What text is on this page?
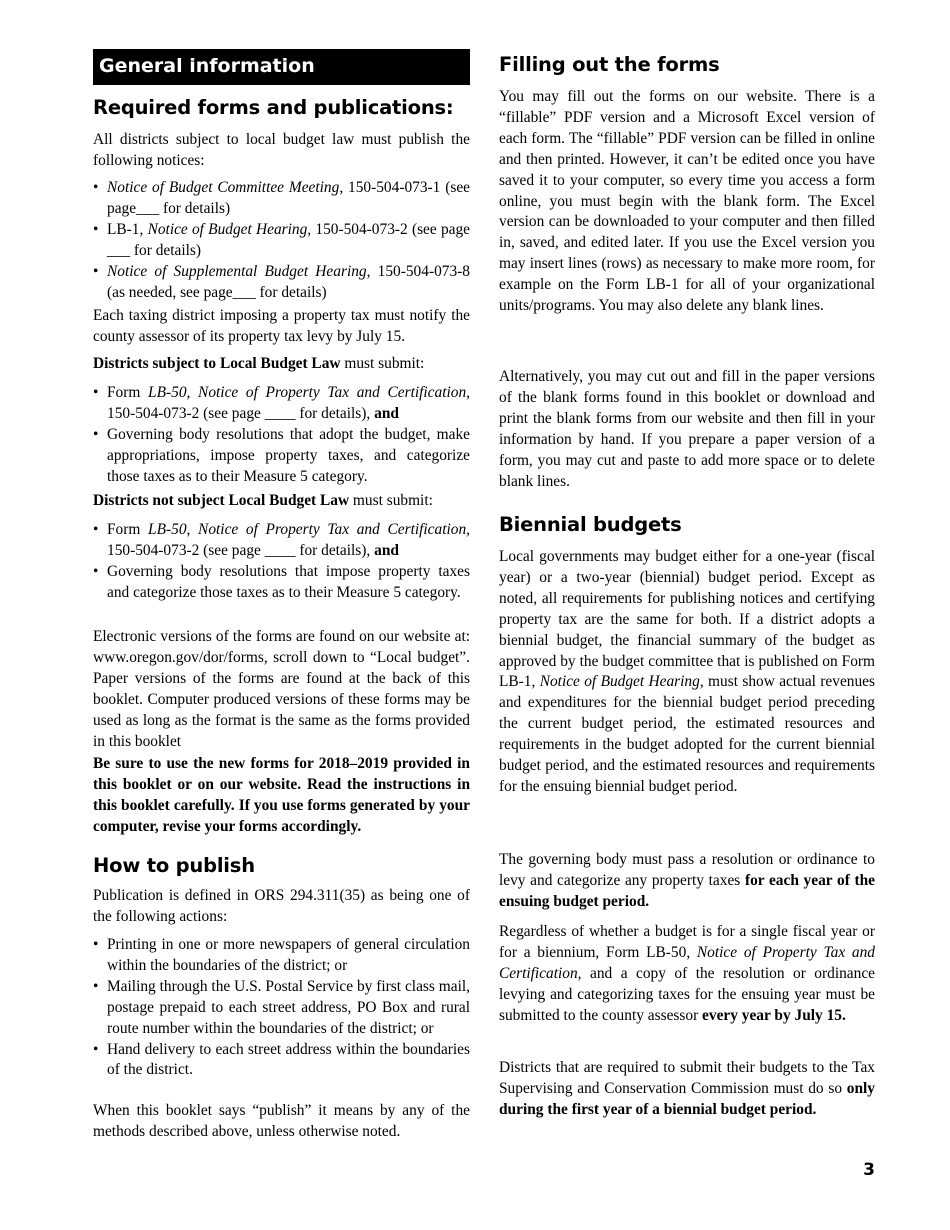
General information
Required forms and publications:

All districts subject to local budget law must publish the following notices:

• Notice of Budget Committee Meeting, 150-504-073-1 (see page___ for details)
• LB-1, Notice of Budget Hearing, 150-504-073-2 (see page ___ for details)
• Notice of Supplemental Budget Hearing, 150-504-073-8 (as needed, see page___ for details)

Each taxing district imposing a property tax must notify the county assessor of its property tax levy by July 15.

Districts subject to Local Budget Law must submit:

• Form LB-50, Notice of Property Tax and Certification, 150-504-073-2 (see page ____ for details), and
• Governing body resolutions that adopt the budget, make appropriations, impose property taxes, and categorize those taxes as to their Measure 5 category.

Districts not subject Local Budget Law must submit:

• Form LB-50, Notice of Property Tax and Certification, 150-504-073-2 (see page ____ for details), and
• Governing body resolutions that impose property taxes and categorize those taxes as to their Measure 5 category.

Electronic versions of the forms are found on our website at: www.oregon.gov/dor/forms, scroll down to “Local budget”. Paper versions of the forms are found at the back of this booklet. Computer produced versions of these forms may be used as long as the format is the same as the forms provided in this booklet

Be sure to use the new forms for 2018–2019 provided in this booklet or on our website. Read the instructions in this booklet carefully. If you use forms generated by your computer, revise your forms accordingly.

How to publish

Publication is defined in ORS 294.311(35) as being one of the following actions:

• Printing in one or more newspapers of general circulation within the boundaries of the district; or
• Mailing through the U.S. Postal Service by first class mail, postage prepaid to each street address, PO Box and rural route number within the boundaries of the district; or
• Hand delivery to each street address within the boundaries of the district.

When this booklet says “publish” it means by any of the methods described above, unless otherwise noted.

Filling out the forms

You may fill out the forms on our website. There is a “fillable” PDF version and a Microsoft Excel version of each form. The “fillable” PDF version can be filled in online and then printed. However, it can’t be edited once you have saved it to your computer, so every time you access a form online, you must begin with the blank form. The Excel version can be downloaded to your computer and then filled in, saved, and edited later. If you use the Excel version you may insert lines (rows) as necessary to make more room, for example on the Form LB-1 for all of your organizational units/programs. You may also delete any blank lines.

Alternatively, you may cut out and fill in the paper versions of the blank forms found in this booklet or download and print the blank forms from our website and then fill in your information by hand. If you prepare a paper version of a form, you may cut and paste to add more space or to delete blank lines.

Biennial budgets

Local governments may budget either for a one-year (fiscal year) or a two-year (biennial) budget period. Except as noted, all requirements for publishing notices and certifying property tax are the same for both. If a district adopts a biennial budget, the financial summary of the budget as approved by the budget committee that is published on Form LB-1, Notice of Budget Hearing, must show actual revenues and expenditures for the biennial budget period preceding the current budget period, the estimated resources and requirements in the budget adopted for the current biennial budget period, and the estimated resources and requirements for the ensuing biennial budget period.

The governing body must pass a resolution or ordinance to levy and categorize any property taxes for each year of the ensuing budget period.

Regardless of whether a budget is for a single fiscal year or for a biennium, Form LB-50, Notice of Property Tax and Certification, and a copy of the resolution or ordinance levying and categorizing taxes for the ensuing year must be submitted to the county assessor every year by July 15.

Districts that are required to submit their budgets to the Tax Supervising and Conservation Commission must do so only during the first year of a biennial budget period.

3
